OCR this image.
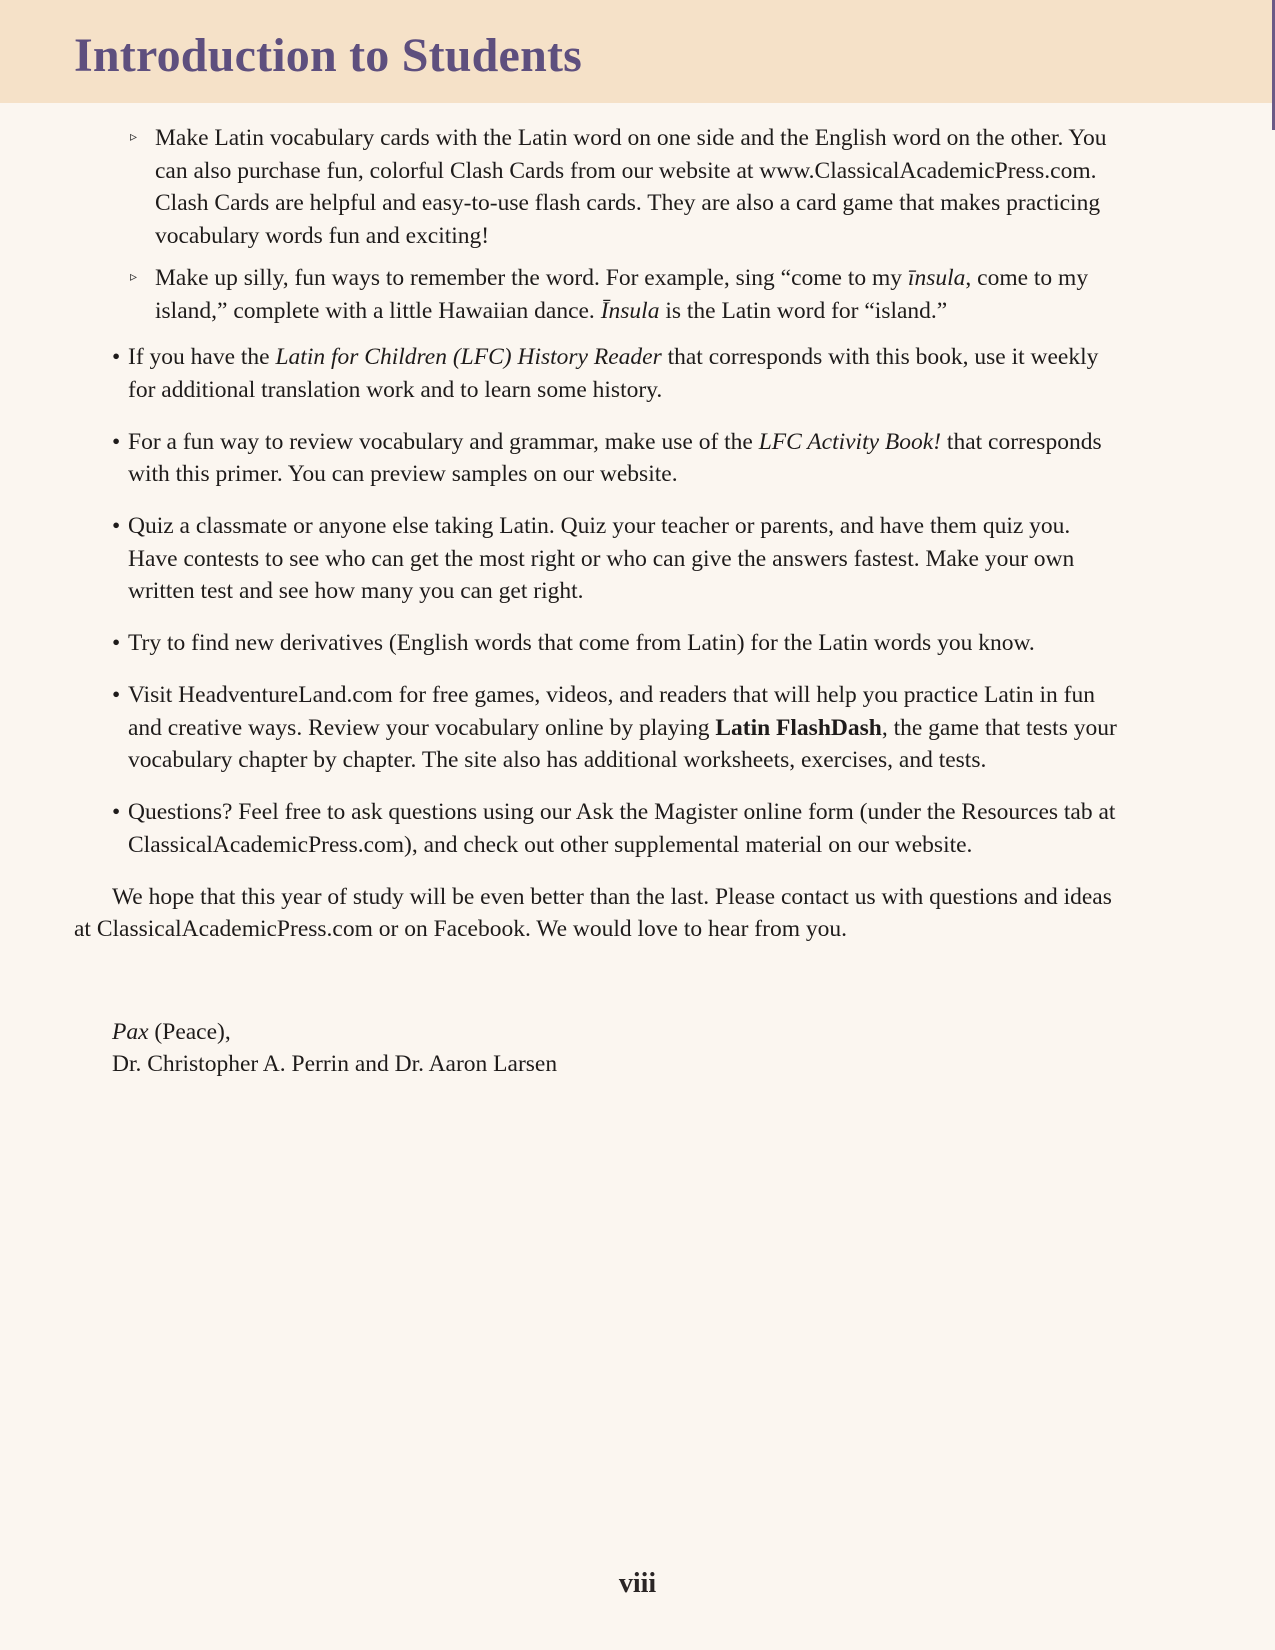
Introduction to Students
▹ Make Latin vocabulary cards with the Latin word on one side and the English word on the other. You can also purchase fun, colorful Clash Cards from our website at www.ClassicalAcademicPress.com. Clash Cards are helpful and easy-to-use flash cards. They are also a card game that makes practicing vocabulary words fun and exciting!
▹ Make up silly, fun ways to remember the word. For example, sing “come to my īnsula, come to my island,” complete with a little Hawaiian dance. Īnsula is the Latin word for “island.”
• If you have the Latin for Children (LFC) History Reader that corresponds with this book, use it weekly for additional translation work and to learn some history.
• For a fun way to review vocabulary and grammar, make use of the LFC Activity Book! that corresponds with this primer. You can preview samples on our website.
• Quiz a classmate or anyone else taking Latin. Quiz your teacher or parents, and have them quiz you. Have contests to see who can get the most right or who can give the answers fastest. Make your own written test and see how many you can get right.
• Try to find new derivatives (English words that come from Latin) for the Latin words you know.
• Visit HeadventureLand.com for free games, videos, and readers that will help you practice Latin in fun and creative ways. Review your vocabulary online by playing Latin FlashDash, the game that tests your vocabulary chapter by chapter. The site also has additional worksheets, exercises, and tests.
• Questions? Feel free to ask questions using our Ask the Magister online form (under the Resources tab at ClassicalAcademicPress.com), and check out other supplemental material on our website.

We hope that this year of study will be even better than the last. Please contact us with questions and ideas at ClassicalAcademicPress.com or on Facebook. We would love to hear from you.

Pax (Peace),
Dr. Christopher A. Perrin and Dr. Aaron Larsen
viii
